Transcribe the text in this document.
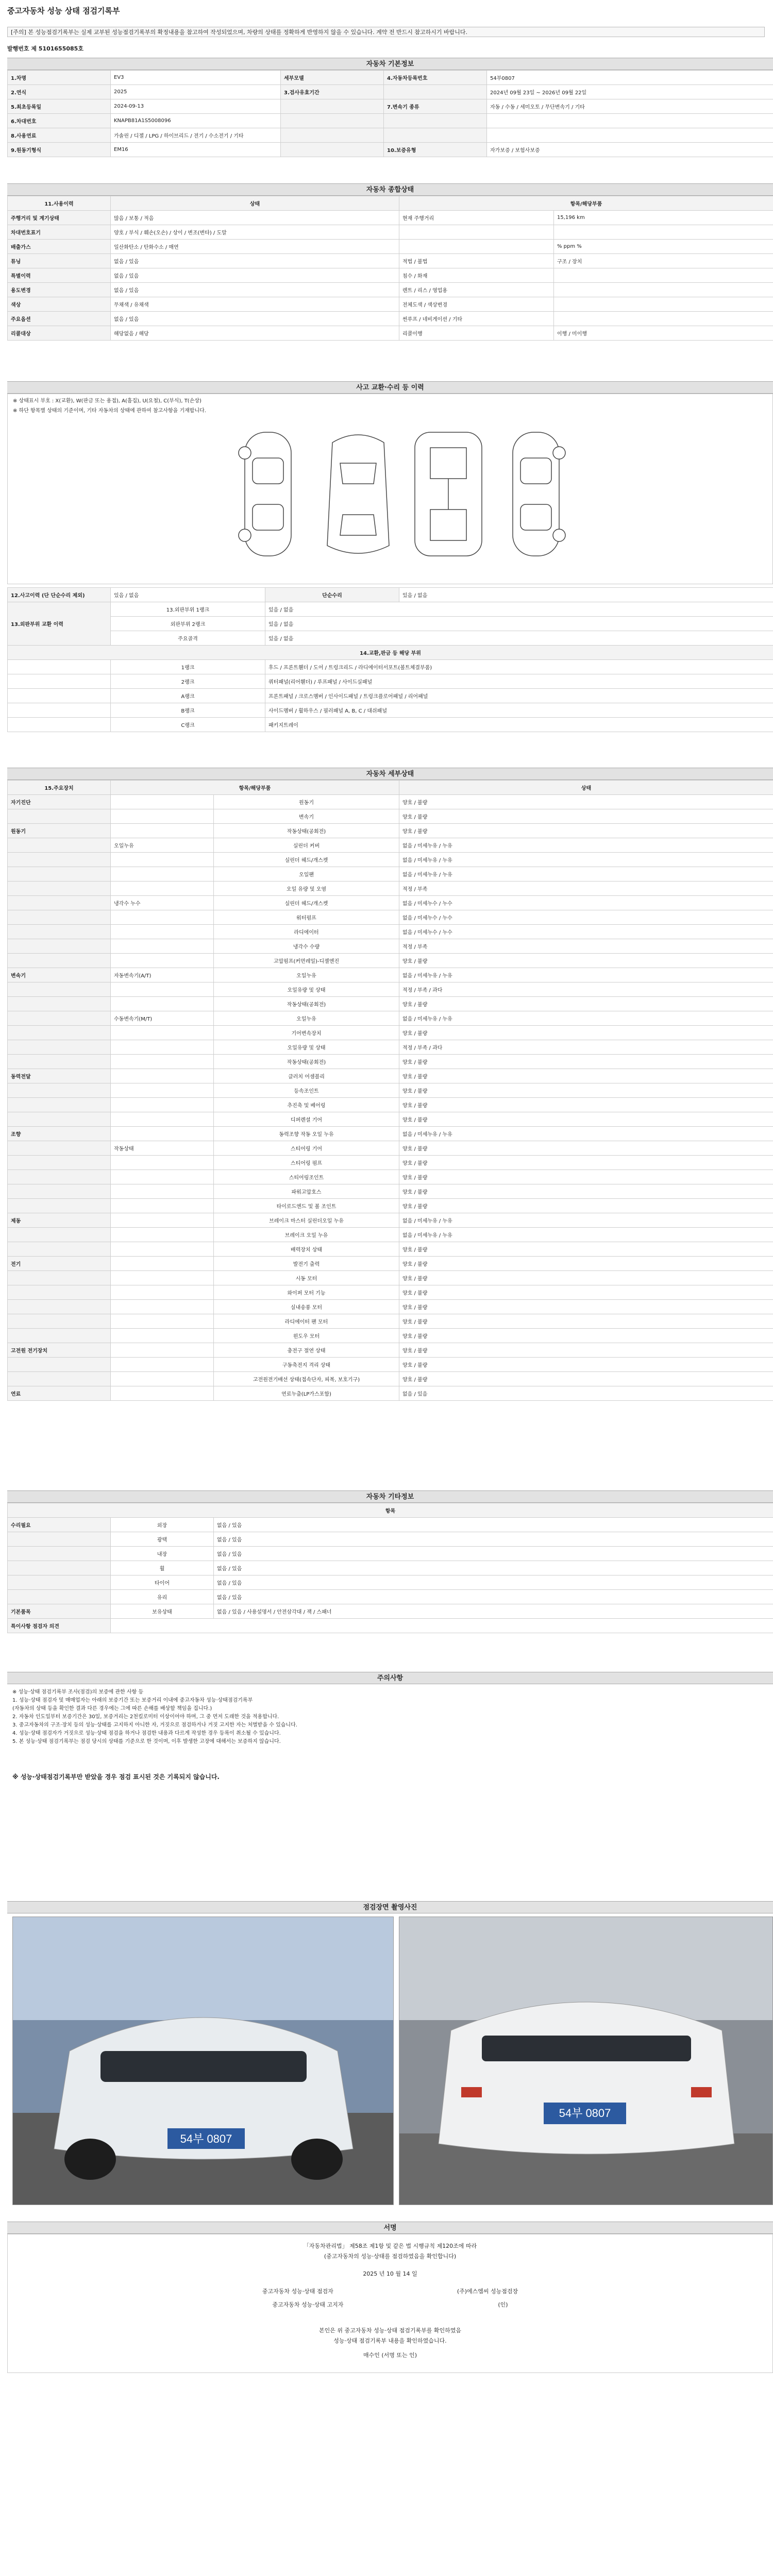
중고자동차 성능 상태 점검기록부
[주의] 본 성능점검기록부는 실제 교부된 성능점검기록부의 확정내용을 참고하여 작성되었으며, 차량의 상태를 정확하게 반영하지 않을 수 있습니다. 계약 전 반드시 참고하시기 바랍니다.
발행번호 제 5101655085호
자동차 기본정보
1.차명	EV3	세부모델	4.자동차등록번호	54부0807
2.연식	2025	3.검사유효기간		2024년 09월 23일 ~ 2026년 09월 22일
5.최초등록일	2024-09-13		7.변속기 종류	자동 / 수동 / 세미오토 / 무단변속기 / 기타
6.차대번호	KNAPB81A1S5008096			
8.사용연료	가솔린 / 디젤 / LPG / 하이브리드 / 전기 / 수소전기 / 기타			
9.원동기형식	EM16		10.보증유형	자가보증 / 보험사보증
자동차 종합상태
11.사용이력	상태	항목/해당부품	
주행거리 및 계기상태	많음 / 보통 / 적음	현재 주행거리	15,196 km
차대번호표기	양호 / 부식 / 훼손(오손) / 상이 / 변조(변타) / 도말		
배출가스	일산화탄소 / 탄화수소 / 매연		% ppm %
튜닝	없음 / 있음	적법 / 불법	구조 / 장치
특별이력	없음 / 있음	침수 / 화재	
용도변경	없음 / 있음	렌트 / 리스 / 영업용	
색상	무채색 / 유채색	전체도색 / 색상변경	
주요옵션	없음 / 있음	썬루프 / 네비게이션 / 기타	
리콜대상	해당없음 / 해당	리콜이행	이행 / 미이행
사고 교환·수리 등 이력
※ 상태표시 부호 : X(교환), W(판금 또는 용접), A(흠집), U(요철), C(부식), T(손상)
※ 하단 항목별 상태의 기준이며, 기타 자동차의 상태에 관하여 참고사항을 기재합니다.
12.사고이력 (단 단순수리 제외)	있음 / 없음	단순수리	있음 / 없음
13.외판부위 교환 이력	13.외판부위 1랭크	있음 / 없음	
	외판부위 2랭크	있음 / 없음	
	주요골격	있음 / 없음	
14.교환,판금 등 해당 부위			
	1랭크	후드 / 프론트휀더 / 도어 / 트렁크리드 / 라디에이터서포트(볼트체결부품)	
	2랭크	쿼터패널(리어휀더) / 루프패널 / 사이드실패널	
	A랭크	프론트패널 / 크로스멤버 / 인사이드패널 / 트렁크플로어패널 / 리어패널	
	B랭크	사이드멤버 / 휠하우스 / 필러패널 A, B, C / 대쉬패널	
	C랭크	패키지트레이	
자동차 세부상태
15.주요장치	항목/해당부품		상태
자기진단		원동기	양호 / 불량
		변속기	양호 / 불량
원동기		작동상태(공회전)	양호 / 불량
	오일누유	실린더 커버	없음 / 미세누유 / 누유
		실린더 헤드/개스켓	없음 / 미세누유 / 누유
		오일팬	없음 / 미세누유 / 누유
		오일 유량 및 오염	적정 / 부족
	냉각수 누수	실린더 헤드/개스켓	없음 / 미세누수 / 누수
		워터펌프	없음 / 미세누수 / 누수
		라디에이터	없음 / 미세누수 / 누수
		냉각수 수량	적정 / 부족
		고압펌프(커먼레일)-디젤엔진	양호 / 불량
변속기	자동변속기(A/T)	오일누유	없음 / 미세누유 / 누유
		오일유량 및 상태	적정 / 부족 / 과다
		작동상태(공회전)	양호 / 불량
	수동변속기(M/T)	오일누유	없음 / 미세누유 / 누유
		기어변속장치	양호 / 불량
		오일유량 및 상태	적정 / 부족 / 과다
		작동상태(공회전)	양호 / 불량
동력전달		클러치 어셈블리	양호 / 불량
		등속조인트	양호 / 불량
		추진축 및 베어링	양호 / 불량
		디퍼렌셜 기어	양호 / 불량
조향		동력조향 작동 오일 누유	없음 / 미세누유 / 누유
	작동상태	스티어링 기어	양호 / 불량
		스티어링 펌프	양호 / 불량
		스티어링조인트	양호 / 불량
		파워고압호스	양호 / 불량
		타이로드엔드 및 볼 조인트	양호 / 불량
제동		브레이크 마스터 실린더오일 누유	없음 / 미세누유 / 누유
		브레이크 오일 누유	없음 / 미세누유 / 누유
		배력장치 상태	양호 / 불량
전기		발전기 출력	양호 / 불량
		시동 모터	양호 / 불량
		와이퍼 모터 기능	양호 / 불량
		실내송풍 모터	양호 / 불량
		라디에이터 팬 모터	양호 / 불량
		윈도우 모터	양호 / 불량
고전원 전기장치		충전구 절연 상태	양호 / 불량
		구동축전지 격리 상태	양호 / 불량
		고전원전기배선 상태(접속단자, 피복, 보호기구)	양호 / 불량
연료		연료누출(LP가스포함)	없음 / 있음
자동차 기타정보
항목		
수리필요	외장	없음 / 있음
	광택	없음 / 있음
	내장	없음 / 있음
	휠	없음 / 있음
	타이어	없음 / 있음
	유리	없음 / 있음
기본품목	보유상태	없음 / 있음 / 사용설명서 / 안전삼각대 / 잭 / 스패너
특이사항 점검자 의견		
주의사항

※ 성능·상태 점검기록부 조사(점검)의 보증에 관한 사항 등

1. 성능·상태 점검자 및 매매업자는 아래의 보증기간 또는 보증거리 이내에 중고자동차 성능·상태점검기록부

(자동차의 상태 등을 확인한 결과 다른 경우에는 그에 따른 손해를 배상할 책임을 집니다.)

2. 자동차 인도일부터 보증기간은 30일, 보증거리는 2천킬로미터 이상이어야 하며, 그 중 먼저 도래한 것을 적용합니다.

3. 중고자동차의 구조·장치 등의 성능·상태를 고지하지 아니한 자, 거짓으로 점검하거나 거짓 고지한 자는 처벌받을 수 있습니다.

4. 성능·상태 점검자가 거짓으로 성능·상태 점검을 하거나 점검한 내용과 다르게 작성한 경우 등록이 취소될 수 있습니다.

5. 본 성능·상태 점검기록부는 점검 당시의 상태를 기준으로 한 것이며, 이후 발생한 고장에 대해서는 보증하지 않습니다.

※ 성능·상태점검기록부만 받았을 경우 점검 표시된 것은 기록되지 않습니다.
점검장면 촬영사진
54부 0807
54부 0807
서명
「자동차관리법」 제58조 제1항 및 같은 법 시행규칙 제120조에 따라
(중고자동차의 성능·상태를 점검하였음을 확인합니다)
2025 년 10 월 14 일
중고자동차 성능·상태 점검자	(주)에스엠씨 성능점검장
중고자동차 성능·상태 고지자	(인)
본인은 위 중고자동차 성능·상태 점검기록부를 확인하였음
성능·상태 점검기록부 내용을 확인하였습니다.
매수인 (서명 또는 인)
